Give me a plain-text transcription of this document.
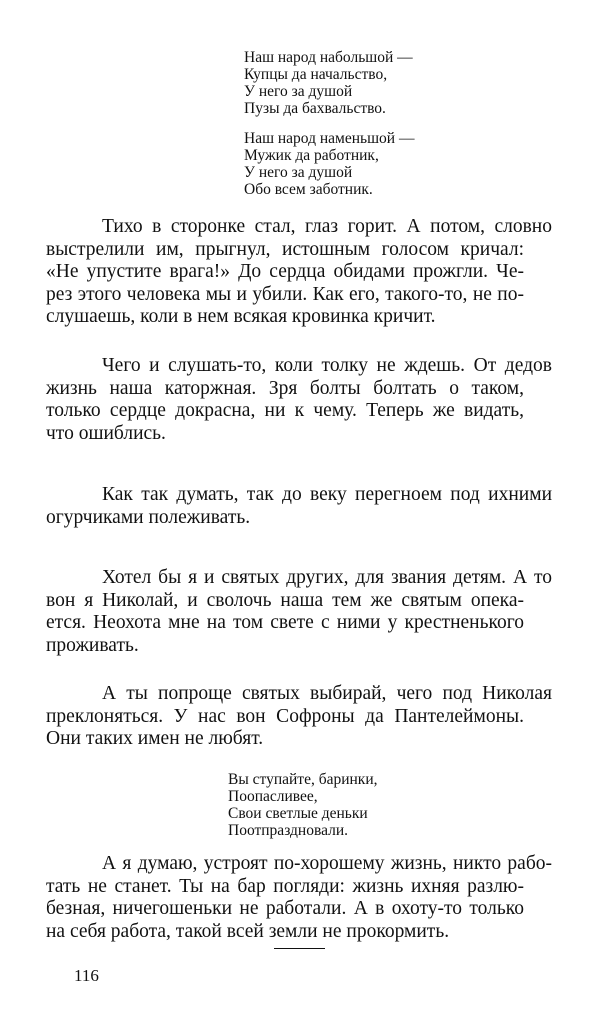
Наш народ набольшой —
Купцы да начальство,
У него за душой
Пузы да бахвальство.
Наш народ наменьшой —
Мужик да работник,
У него за душой
Обо всем заботник.
Тихо в сторонке стал, глаз горит. А потом, словно
выстрелили им, прыгнул, истошным голосом кричал:
«Не упустите врага!» До сердца обидами прожгли. Че-
рез этого человека мы и убили. Как его, такого-то, не по-
слушаешь, коли в нем всякая кровинка кричит.
Чего и слушать-то, коли толку не ждешь. От дедов
жизнь наша каторжная. Зря болты болтать о таком,
только сердце докрасна, ни к чему. Теперь же видать,
что ошиблись.
Как так думать, так до веку перегноем под ихними
огурчиками полеживать.
Хотел бы я и святых других, для звания детям. А то
вон я Николай, и сволочь наша тем же святым опека-
ется. Неохота мне на том свете с ними у крестненького
проживать.
А ты попроще святых выбирай, чего под Николая
преклоняться. У нас вон Софроны да Пантелеймоны.
Они таких имен не любят.
Вы ступайте, баринки,
Поопасливее,
Свои светлые деньки
Поотпраздновали.
А я думаю, устроят по-хорошему жизнь, никто рабо-
тать не станет. Ты на бар погляди: жизнь ихняя разлю-
безная, ничегошеньки не работали. А в охоту-то только
на себя работа, такой всей земли не прокормить.
116
